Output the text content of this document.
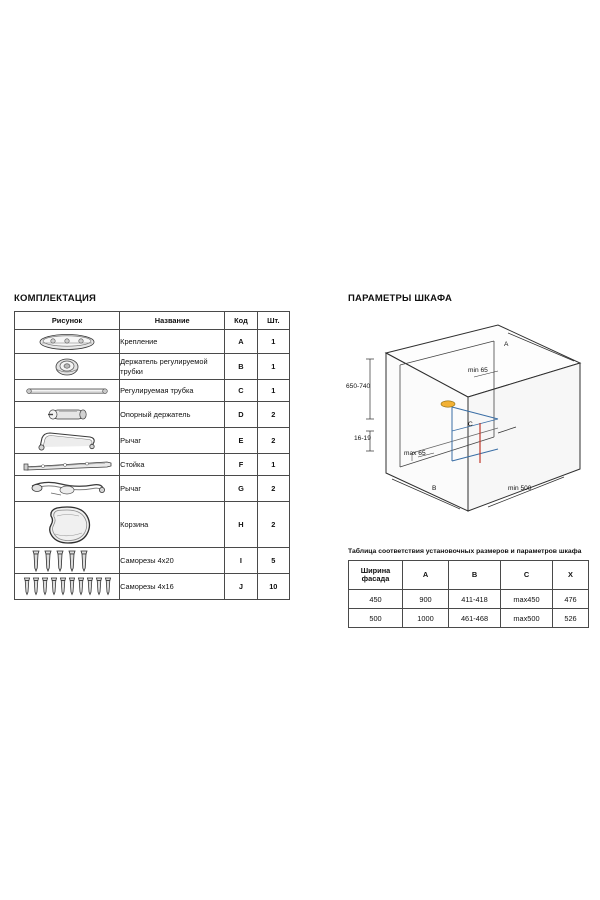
КОМПЛЕКТАЦИЯ
Рисунок	Название	Код	Шт.

	Крепление	A	1

	Держатель регулируемой трубки	B	1

	Регулируемая трубка	C	1

	Опорный держатель	D	2

	Рычаг	E	2

	Стойка	F	1

	Рычаг	G	2

	Корзина	H	2

	Саморезы 4х20	I	5

	Саморезы 4х16	J	10
ПАРАМЕТРЫ ШКАФА
A
B
C
min 65
max 65
650-740
16-19
min 500
Таблица соответствия установочных размеров и параметров шкафа
Ширина фасада	A	B	C	X
450	900	411-418	max450	476
500	1000	461-468	max500	526
